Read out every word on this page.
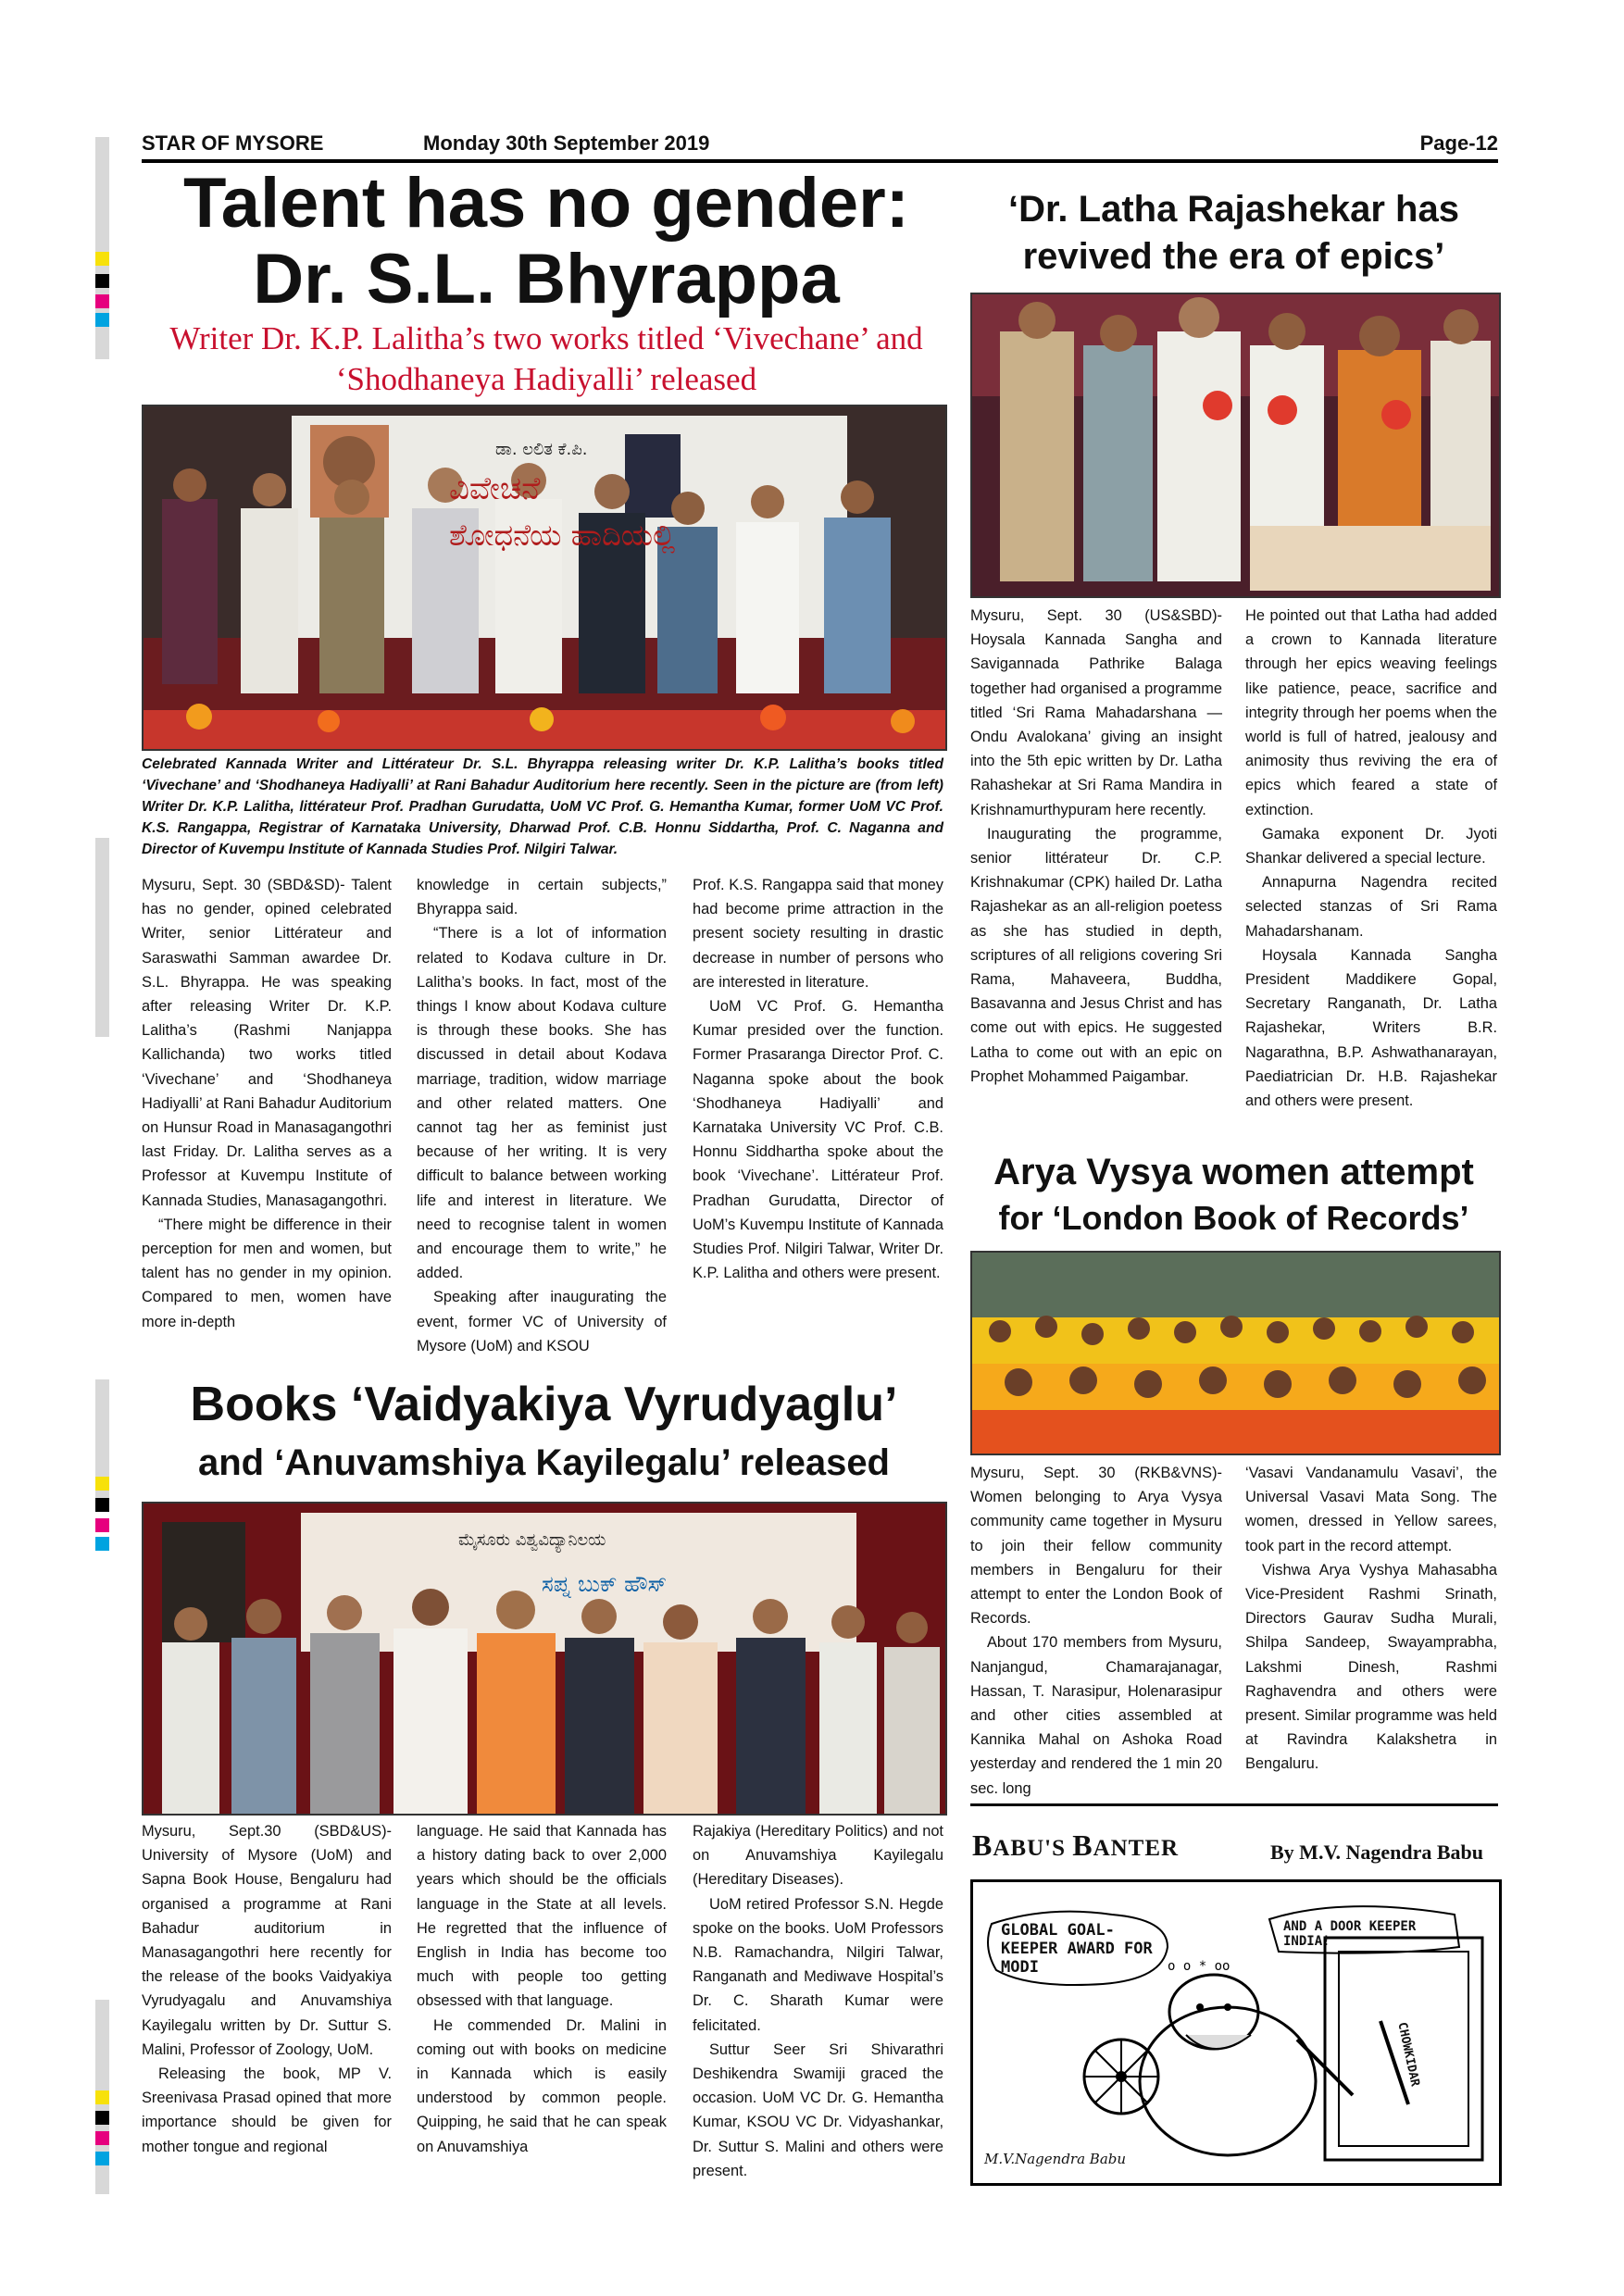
STAR OF MYSORE	Monday 30th September 2019	Page-12
Talent has no gender:
Dr. S.L. Bhyrappa
Writer Dr. K.P. Lalitha’s two works titled ‘Vivechane’ and
‘Shodhaneya Hadiyalli’ released
ಡಾ. ಲಲಿತ ಕೆ.ಪಿ.
ವಿವೇಚನೆ
ಶೋಧನೆಯ ಹಾದಿಯಲ್ಲಿ
Celebrated Kannada Writer and Littérateur Dr. S.L. Bhyrappa releasing writer Dr. K.P. Lalitha’s books titled ‘Vivechane’ and ‘Shodhaneya Hadiyalli’ at Rani Bahadur Auditorium here recently. Seen in the picture are (from left) Writer Dr. K.P. Lalitha, littérateur Prof. Pradhan Gurudatta, UoM VC Prof. G. Hemantha Kumar, former UoM VC Prof. K.S. Rangappa, Registrar of Karnataka University, Dharwad Prof. C.B. Honnu Siddartha, Prof. C. Naganna and Director of Kuvempu Institute of Kannada Studies Prof. Nilgiri Talwar.

Mysuru, Sept. 30 (SBD&SD)- Talent has no gender, opined celebrated Writer, senior Littérateur and Saraswathi Samman awardee Dr. S.L. Bhyrappa. He was speaking after releasing Writer Dr. K.P. Lalitha’s (Rashmi Nanjappa Kallichanda) two works titled ‘Vivechane’ and ‘Shodhaneya Hadiyalli’ at Rani Bahadur Auditorium on Hunsur Road in Manasagangothri last Friday. Dr. Lalitha serves as a Professor at Kuvempu Institute of Kannada Studies, Manasagangothri.

“There might be difference in their perception for men and women, but talent has no gender in my opinion. Compared to men, women have more in-depth

knowledge in certain subjects,” Bhyrappa said.

“There is a lot of information related to Kodava culture in Dr. Lalitha’s books. In fact, most of the things I know about Kodava culture is through these books. She has discussed in detail about Kodava marriage, tradition, widow marriage and other related matters. One cannot tag her as feminist just because of her writing. It is very difficult to balance between working life and interest in literature. We need to recognise talent in women and encourage them to write,” he added.

Speaking after inaugurating the event, former VC of University of Mysore (UoM) and KSOU

Prof. K.S. Rangappa said that money had become prime attraction in the present society resulting in drastic decrease in number of persons who are interested in literature.

UoM VC Prof. G. Hemantha Kumar presided over the function. Former Prasaranga Director Prof. C. Naganna spoke about the book ‘Shodhaneya Hadiyalli’ and Karnataka University VC Prof. C.B. Honnu Siddhartha spoke about the book ‘Vivechane’. Littérateur Prof. Pradhan Gurudatta, Director of UoM’s Kuvempu Institute of Kannada Studies Prof. Nilgiri Talwar, Writer Dr. K.P. Lalitha and others were present.

‘Dr. Latha Rajashekar has
revived the era of epics’

Mysuru, Sept. 30 (US&SBD)- Hoysala Kannada Sangha and Savigannada Pathrike Balaga together had organised a programme titled ‘Sri Rama Mahadarshana — Ondu Avalokana’ giving an insight into the 5th epic written by Dr. Latha Rahashekar at Sri Rama Mandira in Krishnamurthypuram here recently.

Inaugurating the programme, senior littérateur Dr. C.P. Krishnakumar (CPK) hailed Dr. Latha Rajashekar as an all-religion poetess as she has studied in depth, scriptures of all religions covering Sri Rama, Mahaveera, Buddha, Basavanna and Jesus Christ and has come out with epics. He suggested Latha to come out with an epic on Prophet Mohammed Paigambar.

He pointed out that Latha had added a crown to Kannada literature through her epics weaving feelings like patience, peace, sacrifice and integrity through her poems when the world is full of hatred, jealousy and animosity thus reviving the era of epics which feared a state of extinction.

Gamaka exponent Dr. Jyoti Shankar delivered a special lecture.

Annapurna Nagendra recited selected stanzas of Sri Rama Mahadarshanam.

Hoysala Kannada Sangha President Maddikere Gopal, Secretary Ranganath, Dr. Latha Rajashekar, Writers B.R. Nagarathna, B.P. Ashwathanarayan, Paediatrician Dr. H.B. Rajashekar and others were present.

Arya Vysya women attempt
for ‘London Book of Records’

Mysuru, Sept. 30 (RKB&VNS)- Women belonging to Arya Vysya community came together in Mysuru to join their fellow community members in Bengaluru for their attempt to enter the London Book of Records.

About 170 members from Mysuru, Nanjangud, Chamarajanagar, Hassan, T. Narasipur, Holenarasipur and other cities assembled at Kannika Mahal on Ashoka Road yesterday and rendered the 1 min 20 sec. long

‘Vasavi Vandanamulu Vasavi’, the Universal Vasavi Mata Song. The women, dressed in Yellow sarees, took part in the record attempt.

Vishwa Arya Vyshya Mahasabha Vice-President Rashmi Srinath, Directors Gaurav Sudha Murali, Shilpa Sandeep, Swayamprabha, Lakshmi Dinesh, Rashmi Raghavendra and others were present. Similar programme was held at Ravindra Kalakshetra in Bengaluru.

Books ‘Vaidyakiya Vyrudyaglu’
and ‘Anuvamshiya Kayilegalu’ released
ಮೈಸೂರು ವಿಶ್ವವಿದ್ಯಾನಿಲಯ
ಸಪ್ನ ಬುಕ್ ಹೌಸ್

Mysuru, Sept.30 (SBD&US)- University of Mysore (UoM) and Sapna Book House, Bengaluru had organised a programme at Rani Bahadur auditorium in Manasagangothri here recently for the release of the books Vaidyakiya Vyrudyagalu and Anuvamshiya Kayilegalu written by Dr. Suttur S. Malini, Professor of Zoology, UoM.

Releasing the book, MP V. Sreenivasa Prasad opined that more importance should be given for mother tongue and regional

language. He said that Kannada has a history dating back to over 2,000 years which should be the officials language in the State at all levels. He regretted that the influence of English in India has become too much with people too getting obsessed with that language.

He commended Dr. Malini in coming out with books on medicine in Kannada which is easily understood by common people. Quipping, he said that he can speak on Anuvamshiya

Rajakiya (Hereditary Politics) and not on Anuvamshiya Kayilegalu (Hereditary Diseases).

UoM retired Professor S.N. Hegde spoke on the books. UoM Professors N.B. Ramachandra, Nilgiri Talwar, Ranganath and Mediwave Hospital’s Dr. C. Sharath Kumar were felicitated.

Suttur Seer Sri Shivarathri Deshikendra Swamiji graced the occasion. UoM VC Dr. G. Hemantha Kumar, KSOU VC Dr. Vidyashankar, Dr. Suttur S. Malini and others were present.

BABU'S BANTER	By M.V. Nagendra Babu
o o * oo
GLOBAL GOAL-KEEPER AWARD FOR MODI
AND A DOOR KEEPER INDIA!
CHOWKIDAR
M.V.Nagendra Babu
